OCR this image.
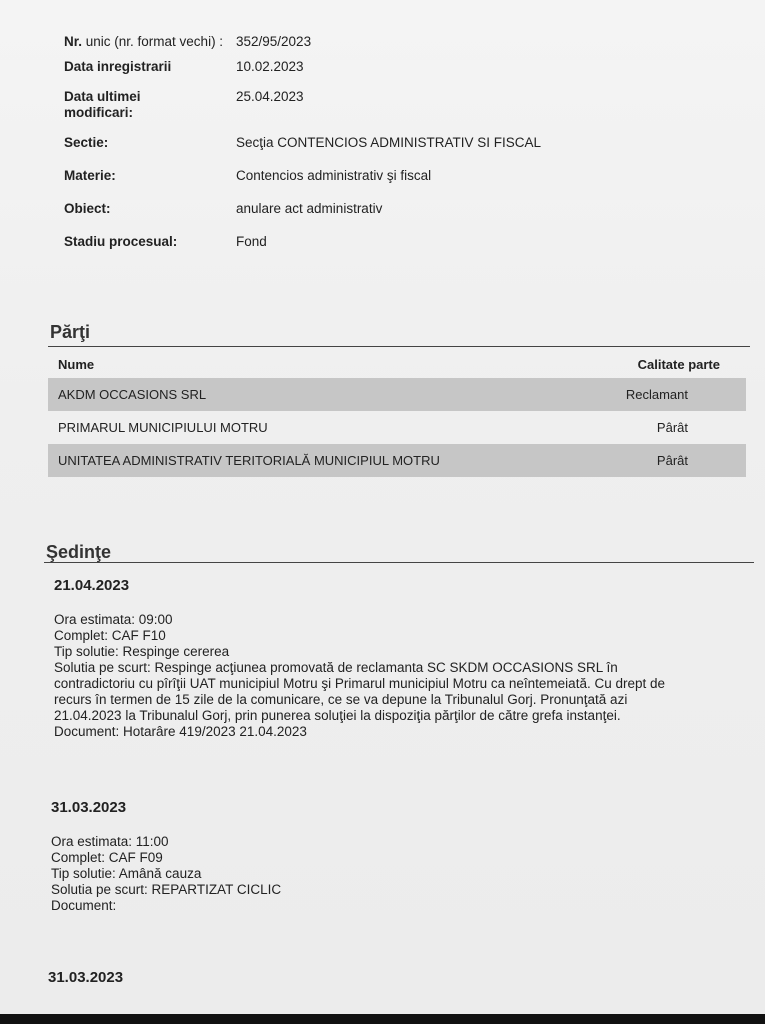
Nr. unic (nr. format vechi) : 352/95/2023
Data inregistrarii	10.02.2023
Data ultimei modificari:
25.04.2023
Sectie:	Secţia CONTENCIOS ADMINISTRATIV SI FISCAL
Materie:	Contencios administrativ şi fiscal
Obiect:	anulare act administrativ
Stadiu procesual:	Fond
Părţi
Nume	Calitate parte
AKDM OCCASIONS SRL	Reclamant
PRIMARUL MUNICIPIULUI MOTRU	Pârât
UNITATEA ADMINISTRATIV TERITORIALĂ MUNICIPIUL MOTRU	Pârât
Şedinţe
21.04.2023
Ora estimata: 09:00
Complet: CAF F10
Tip solutie: Respinge cererea
Solutia pe scurt: Respinge acţiunea promovată de reclamanta SC SKDM OCCASIONS SRL în
contradictoriu cu pîrîţii UAT municipiul Motru şi Primarul municipiul Motru ca neîntemeiată. Cu drept de
recurs în termen de 15 zile de la comunicare, ce se va depune la Tribunalul Gorj. Pronunţată azi
21.04.2023 la Tribunalul Gorj, prin punerea soluţiei la dispoziţia părţilor de către grefa instanţei.
Document: Hotarâre 419/2023 21.04.2023
31.03.2023
Ora estimata: 11:00
Complet: CAF F09
Tip solutie: Amână cauza
Solutia pe scurt: REPARTIZAT CICLIC
Document:
31.03.2023
